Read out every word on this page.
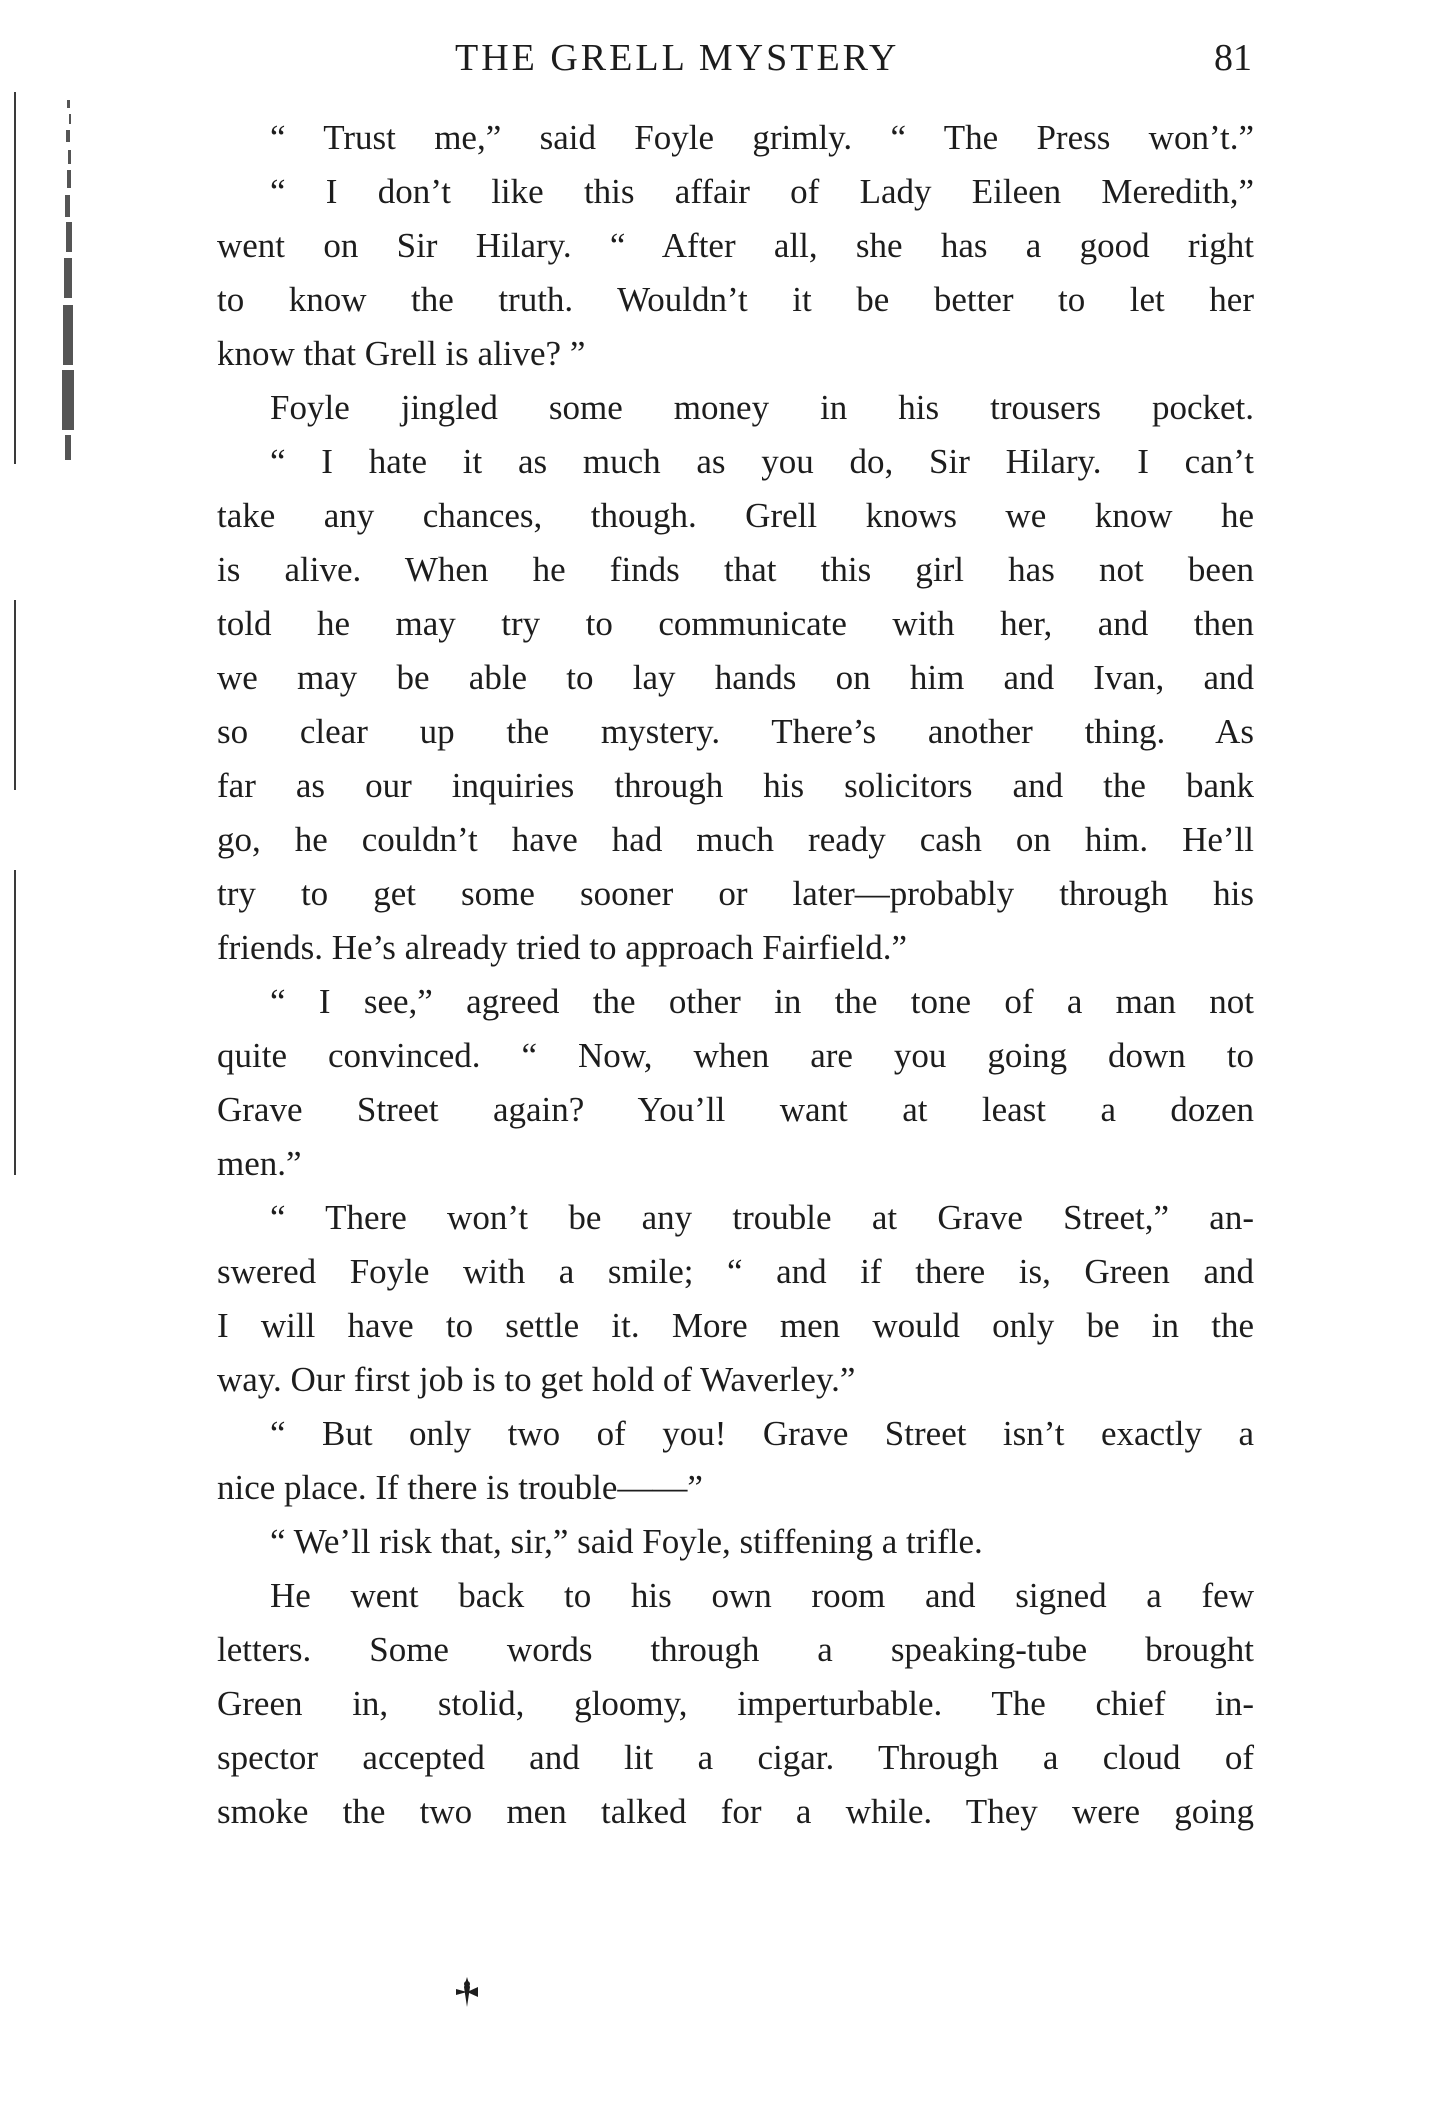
THE GRELL MYSTERY	81
“ Trust me,” said Foyle grimly. “ The Press won’t.”
“ I don’t like this affair of Lady Eileen Meredith,”
went on Sir Hilary. “ After all, she has a good right
to know the truth. Wouldn’t it be better to let her
know that Grell is alive? ”
Foyle jingled some money in his trousers pocket.
“ I hate it as much as you do, Sir Hilary. I can’t
take any chances, though. Grell knows we know he
is alive. When he finds that this girl has not been
told he may try to communicate with her, and then
we may be able to lay hands on him and Ivan, and
so clear up the mystery. There’s another thing. As
far as our inquiries through his solicitors and the bank
go, he couldn’t have had much ready cash on him. He’ll
try to get some sooner or later—probably through his
friends. He’s already tried to approach Fairfield.”
“ I see,” agreed the other in the tone of a man not
quite convinced. “ Now, when are you going down to
Grave Street again? You’ll want at least a dozen
men.”
“ There won’t be any trouble at Grave Street,” an-
swered Foyle with a smile; “ and if there is, Green and
I will have to settle it. More men would only be in the
way. Our first job is to get hold of Waverley.”
“ But only two of you! Grave Street isn’t exactly a
nice place. If there is trouble——”
“ We’ll risk that, sir,” said Foyle, stiffening a trifle.
He went back to his own room and signed a few
letters. Some words through a speaking-tube brought
Green in, stolid, gloomy, imperturbable. The chief in-
spector accepted and lit a cigar. Through a cloud of
smoke the two men talked for a while. They were going
